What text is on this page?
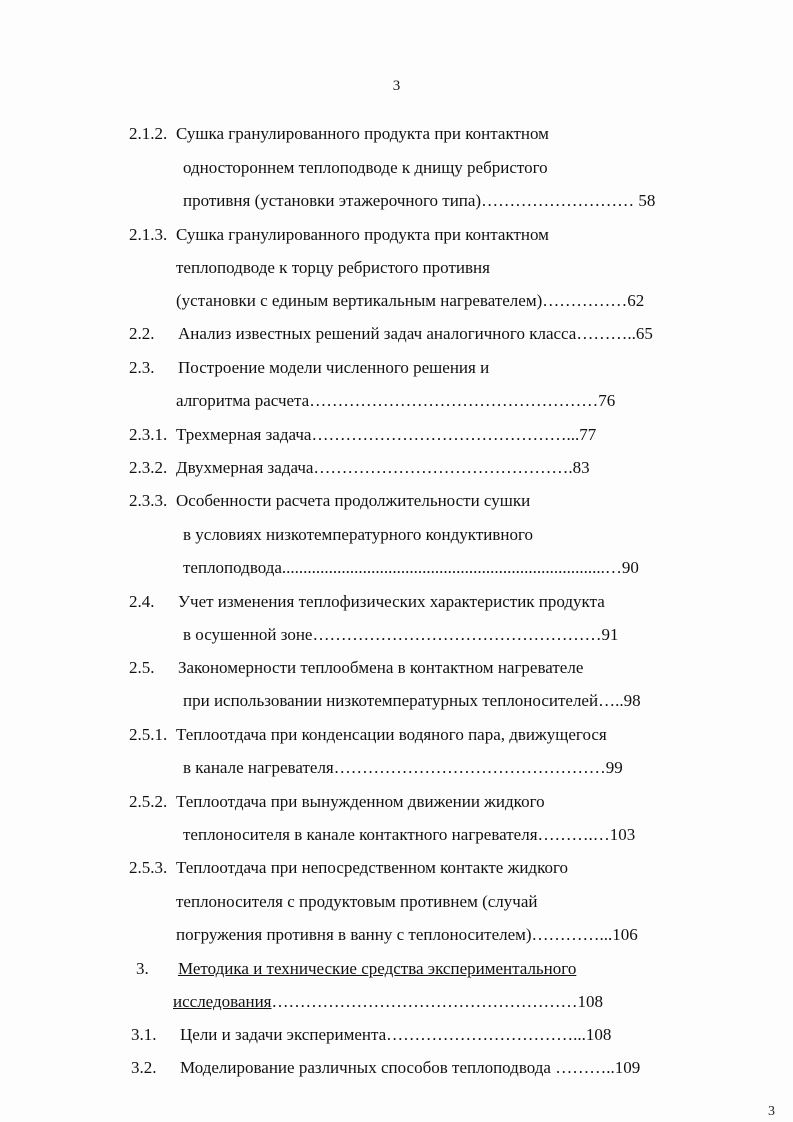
3
2.1.2. Сушка гранулированного продукта при контактном
одностороннем теплоподводе к днищу ребристого
противня (установки этажерочного типа)……………………… 58
2.1.3. Сушка гранулированного продукта при контактном
теплоподводе к торцу ребристого противня
(установки с единым вертикальным нагревателем)……………62
2.2. Анализ известных решений задач аналогичного класса………..65
2.3. Построение модели численного решения и
алгоритма расчета……………………………………………76
2.3.1. Трехмерная задача………………………………………...77
2.3.2. Двухмерная задача……………………………………….83
2.3.3. Особенности расчета продолжительности сушки
в условиях низкотемпературного кондуктивного
теплоподвода............................................................................…90
2.4. Учет изменения теплофизических характеристик продукта
в осушенной зоне……………………………………………91
2.5. Закономерности теплообмена в контактном нагревателе
при использовании низкотемпературных теплоносителей…..98
2.5.1. Теплоотдача при конденсации водяного пара, движущегося
в канале нагревателя…………………………………………99
2.5.2. Теплоотдача при вынужденном движении жидкого
теплоносителя в канале контактного нагревателя……….…103
2.5.3. Теплоотдача при непосредственном контакте жидкого
теплоносителя с продуктовым противнем (случай
погружения противня в ванну с теплоносителем)…………...106
3. Методика и технические средства экспериментального
исследования………………………………………………108
3.1. Цели и задачи эксперимента……………………………...108
3.2. Моделирование различных способов теплоподвода ………..109
3
